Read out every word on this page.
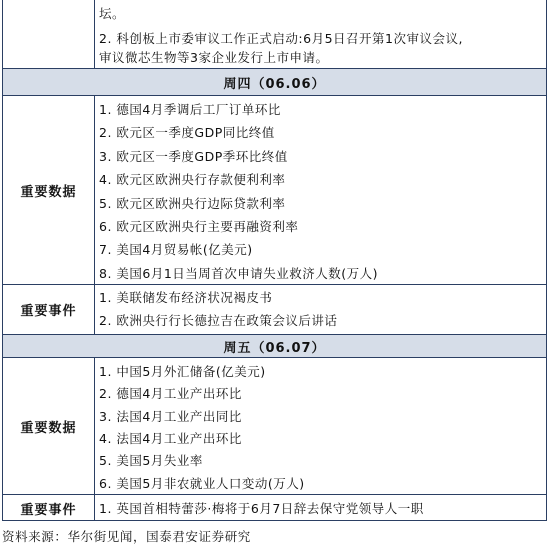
坛。
2. 科创板上市委审议工作正式启动:6月5日召开第1次审议会议,
审议微芯生物等3家企业发行上市申请。
周四（06.06）
重要数据
1. 德国4月季调后工厂订单环比
2. 欧元区一季度GDP同比终值
3. 欧元区一季度GDP季环比终值
4. 欧元区欧洲央行存款便利利率
5. 欧元区欧洲央行边际贷款利率
6. 欧元区欧洲央行主要再融资利率
7. 美国4月贸易帐(亿美元)
8. 美国6月1日当周首次申请失业救济人数(万人)
重要事件
1. 美联储发布经济状况褐皮书
2. 欧洲央行行长德拉吉在政策会议后讲话
周五（06.07）
重要数据
1. 中国5月外汇储备(亿美元)
2. 德国4月工业产出环比
3. 法国4月工业产出同比
4. 法国4月工业产出环比
5. 美国5月失业率
6. 美国5月非农就业人口变动(万人)
重要事件	1. 英国首相特蕾莎·梅将于6月7日辞去保守党领导人一职
资料来源：华尔街见闻，国泰君安证券研究
